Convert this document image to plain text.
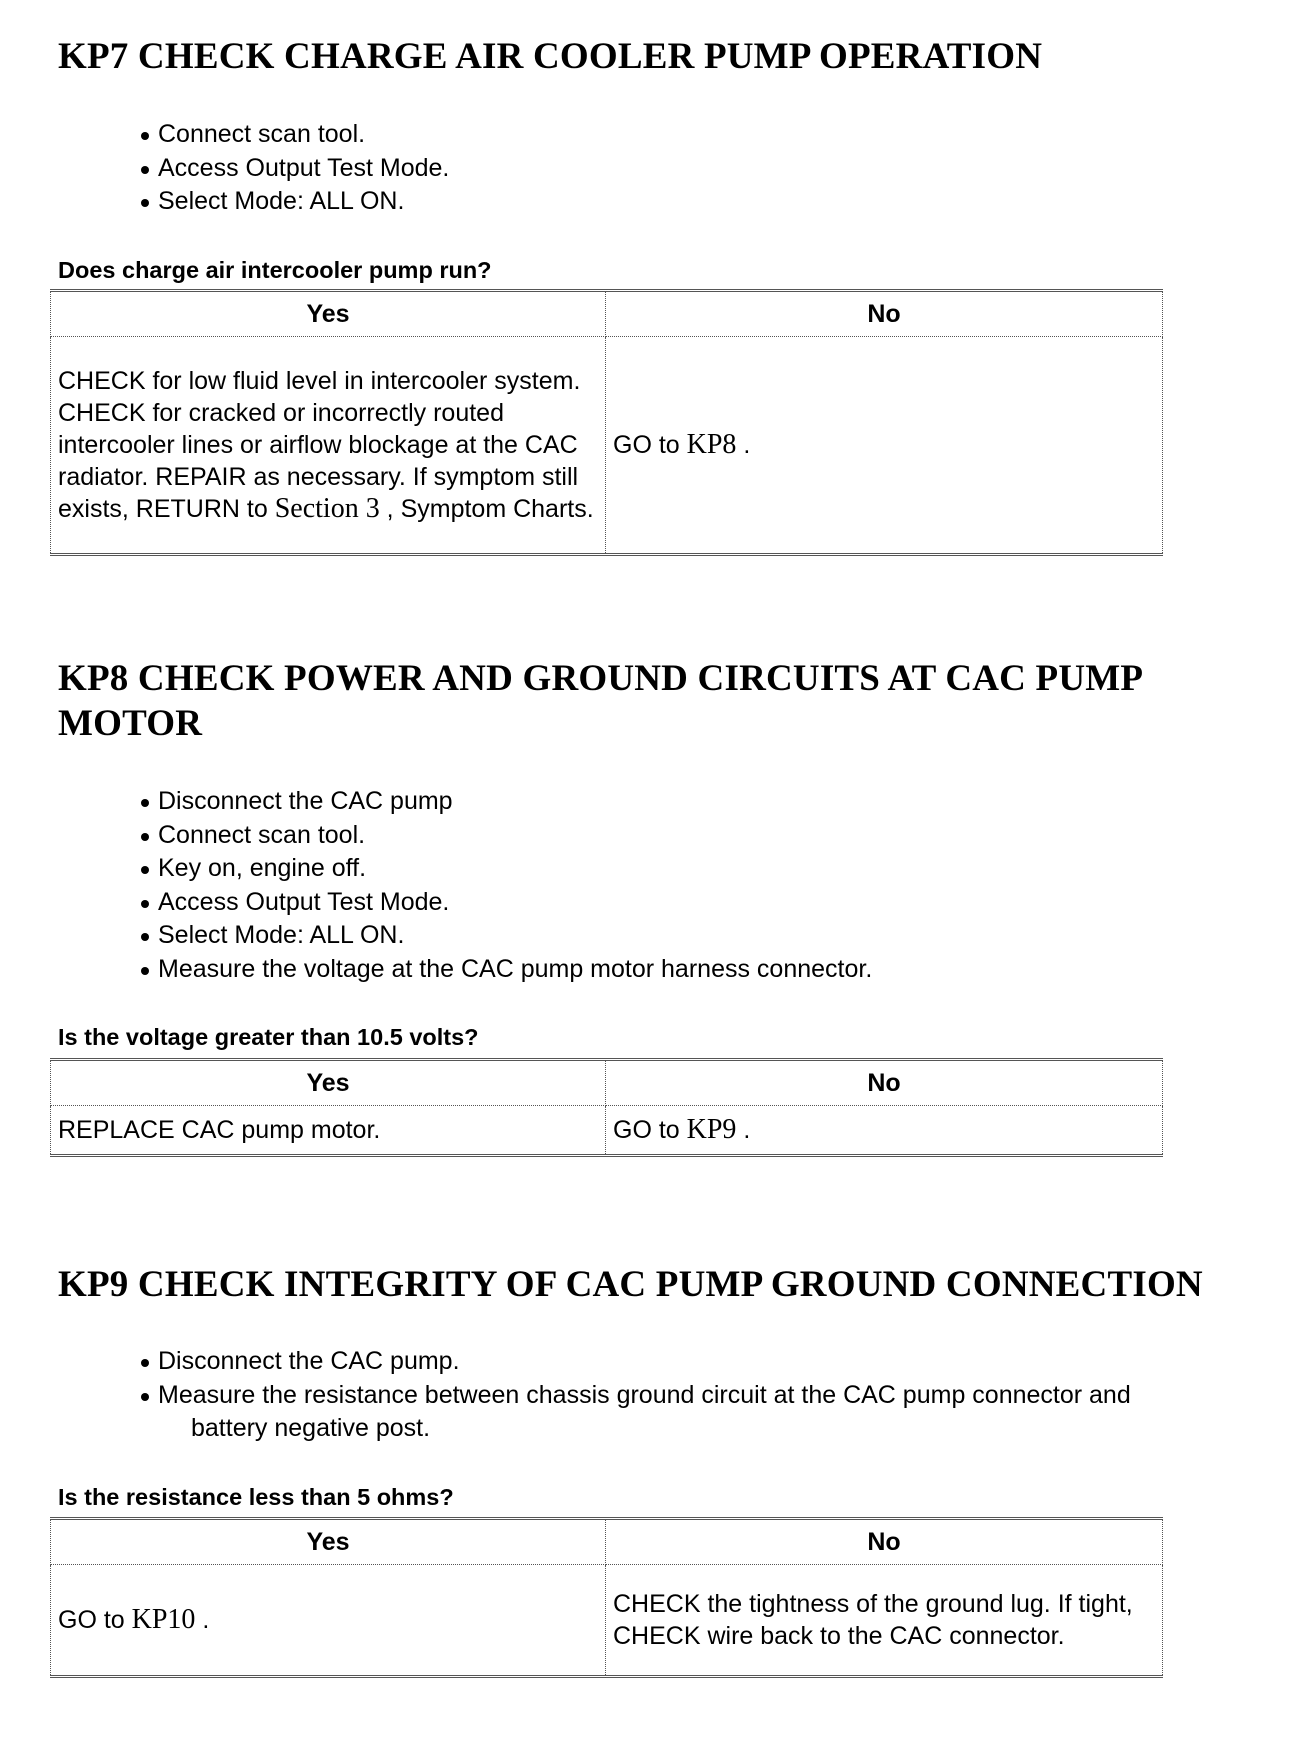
KP7 CHECK CHARGE AIR COOLER PUMP OPERATION
Connect scan tool.
Access Output Test Mode.
Select Mode: ALL ON.

Does charge air intercooler pump run?

Yes	No
CHECK for low fluid level in intercooler system. CHECK for cracked or incorrectly routed intercooler lines or airflow blockage at the CAC radiator. REPAIR as necessary. If symptom still exists, RETURN to Section 3 , Symptom Charts.	GO to KP8 .
KP8 CHECK POWER AND GROUND CIRCUITS AT CAC PUMP
MOTOR
Disconnect the CAC pump
Connect scan tool.
Key on, engine off.
Access Output Test Mode.
Select Mode: ALL ON.
Measure the voltage at the CAC pump motor harness connector.

Is the voltage greater than 10.5 volts?

Yes	No
REPLACE CAC pump motor.	GO to KP9 .
KP9 CHECK INTEGRITY OF CAC PUMP GROUND CONNECTION
Disconnect the CAC pump.
Measure the resistance between chassis ground circuit at the CAC pump connector and
battery negative post.

Is the resistance less than 5 ohms?

Yes	No
GO to KP10 .	CHECK the tightness of the ground lug. If tight, CHECK wire back to the CAC connector.
